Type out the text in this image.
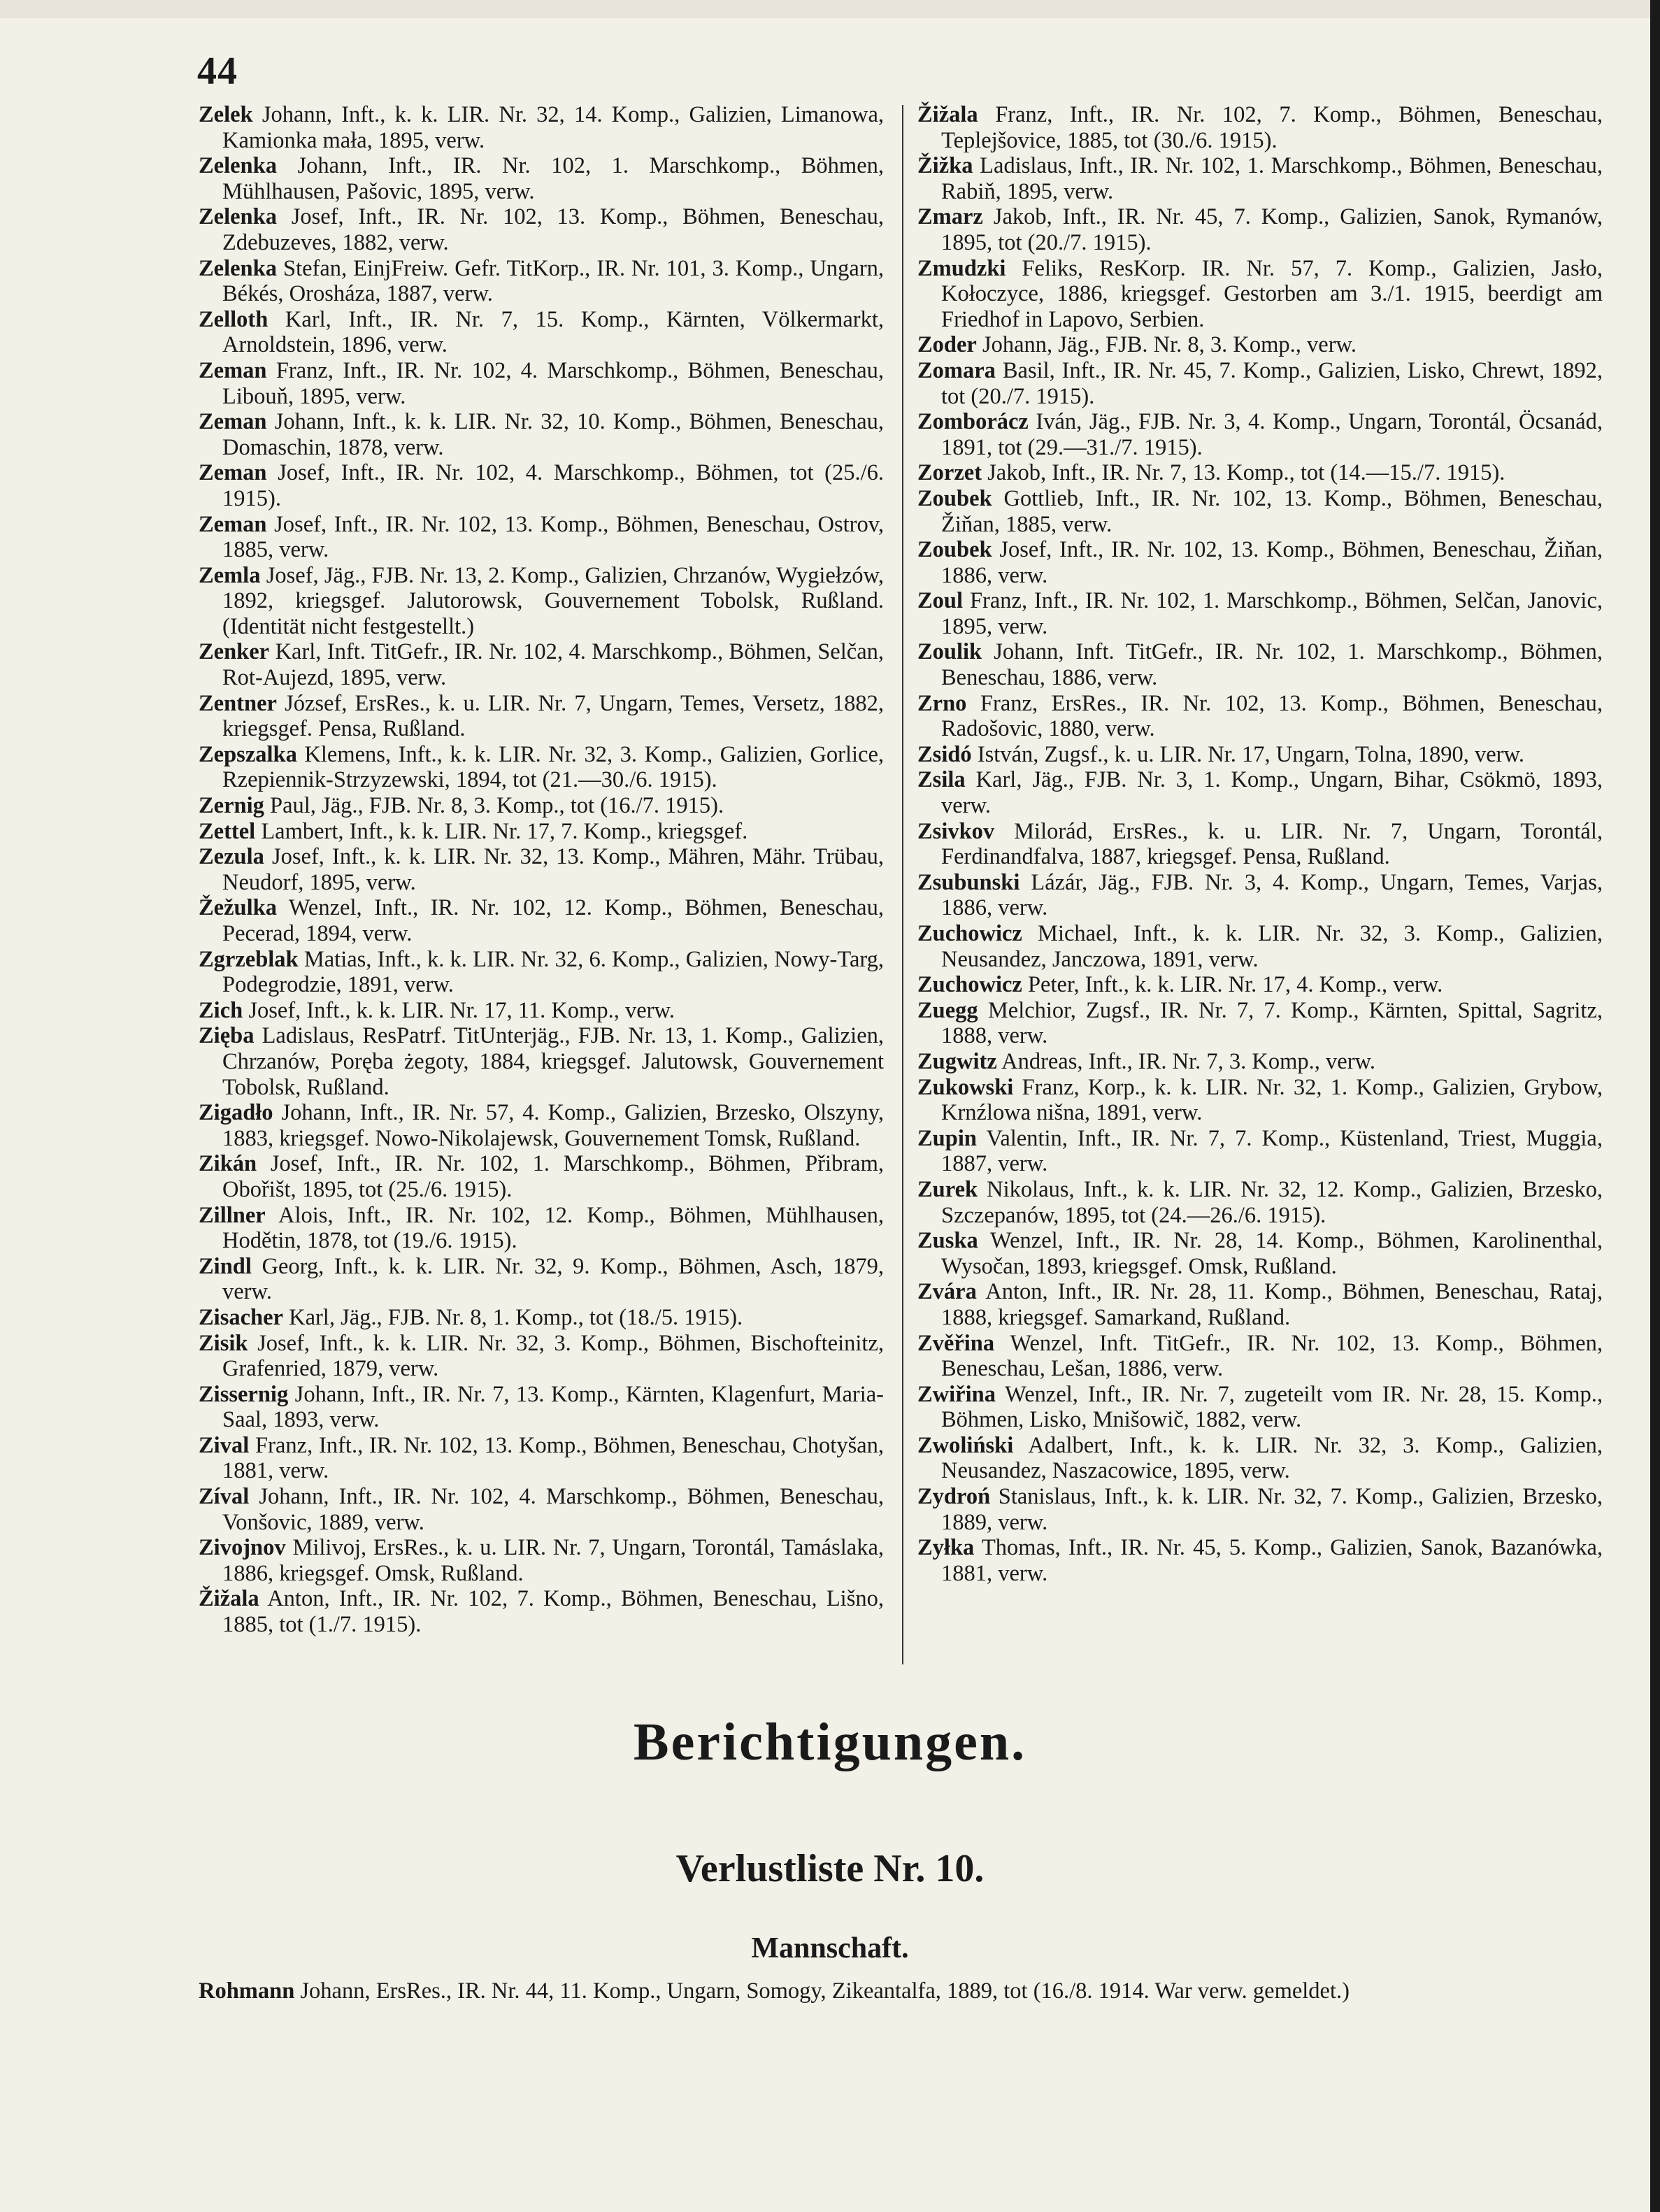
44
Zelek Johann, Inft., k. k. LIR. Nr. 32, 14. Komp., Galizien, Limanowa, Kamionka mała, 1895, verw.
Zelenka Johann, Inft., IR. Nr. 102, 1. Marschkomp., Böhmen, Mühlhausen, Pašovic, 1895, verw.
Zelenka Josef, Inft., IR. Nr. 102, 13. Komp., Böhmen, Beneschau, Zdebuzeves, 1882, verw.
Zelenka Stefan, EinjFreiw. Gefr. TitKorp., IR. Nr. 101, 3. Komp., Ungarn, Békés, Orosháza, 1887, verw.
Zelloth Karl, Inft., IR. Nr. 7, 15. Komp., Kärnten, Völkermarkt, Arnoldstein, 1896, verw.
Zeman Franz, Inft., IR. Nr. 102, 4. Marschkomp., Böhmen, Beneschau, Libouň, 1895, verw.
Zeman Johann, Inft., k. k. LIR. Nr. 32, 10. Komp., Böhmen, Beneschau, Domaschin, 1878, verw.
Zeman Josef, Inft., IR. Nr. 102, 4. Marschkomp., Böhmen, tot (25./6. 1915).
Zeman Josef, Inft., IR. Nr. 102, 13. Komp., Böhmen, Beneschau, Ostrov, 1885, verw.
Zemla Josef, Jäg., FJB. Nr. 13, 2. Komp., Galizien, Chrzanów, Wygiełzów, 1892, kriegsgef. Jalutorowsk, Gouvernement Tobolsk, Rußland. (Identität nicht festgestellt.)
Zenker Karl, Inft. TitGefr., IR. Nr. 102, 4. Marschkomp., Böhmen, Selčan, Rot-Aujezd, 1895, verw.
Zentner József, ErsRes., k. u. LIR. Nr. 7, Ungarn, Temes, Versetz, 1882, kriegsgef. Pensa, Rußland.
Zepszalka Klemens, Inft., k. k. LIR. Nr. 32, 3. Komp., Galizien, Gorlice, Rzepiennik-Strzyzewski, 1894, tot (21.—30./6. 1915).
Zernig Paul, Jäg., FJB. Nr. 8, 3. Komp., tot (16./7. 1915).
Zettel Lambert, Inft., k. k. LIR. Nr. 17, 7. Komp., kriegsgef.
Zezula Josef, Inft., k. k. LIR. Nr. 32, 13. Komp., Mähren, Mähr. Trübau, Neudorf, 1895, verw.
Žežulka Wenzel, Inft., IR. Nr. 102, 12. Komp., Böhmen, Beneschau, Pecerad, 1894, verw.
Zgrzeblak Matias, Inft., k. k. LIR. Nr. 32, 6. Komp., Galizien, Nowy-Targ, Podegrodzie, 1891, verw.
Zich Josef, Inft., k. k. LIR. Nr. 17, 11. Komp., verw.
Zięba Ladislaus, ResPatrf. TitUnterjäg., FJB. Nr. 13, 1. Komp., Galizien, Chrzanów, Poręba żegoty, 1884, kriegsgef. Jalutowsk, Gouvernement Tobolsk, Rußland.
Zigadło Johann, Inft., IR. Nr. 57, 4. Komp., Galizien, Brzesko, Olszyny, 1883, kriegsgef. Nowo-Nikolajewsk, Gouvernement Tomsk, Rußland.
Zikán Josef, Inft., IR. Nr. 102, 1. Marschkomp., Böhmen, Přibram, Obořišt, 1895, tot (25./6. 1915).
Zillner Alois, Inft., IR. Nr. 102, 12. Komp., Böhmen, Mühlhausen, Hodětin, 1878, tot (19./6. 1915).
Zindl Georg, Inft., k. k. LIR. Nr. 32, 9. Komp., Böhmen, Asch, 1879, verw.
Zisacher Karl, Jäg., FJB. Nr. 8, 1. Komp., tot (18./5. 1915).
Zisik Josef, Inft., k. k. LIR. Nr. 32, 3. Komp., Böhmen, Bischofteinitz, Grafenried, 1879, verw.
Zissernig Johann, Inft., IR. Nr. 7, 13. Komp., Kärnten, Klagenfurt, Maria-Saal, 1893, verw.
Zival Franz, Inft., IR. Nr. 102, 13. Komp., Böhmen, Beneschau, Chotyšan, 1881, verw.
Zíval Johann, Inft., IR. Nr. 102, 4. Marschkomp., Böhmen, Beneschau, Vonšovic, 1889, verw.
Zivojnov Milivoj, ErsRes., k. u. LIR. Nr. 7, Ungarn, Torontál, Tamáslaka, 1886, kriegsgef. Omsk, Rußland.
Žižala Anton, Inft., IR. Nr. 102, 7. Komp., Böhmen, Beneschau, Lišno, 1885, tot (1./7. 1915).
Žižala Franz, Inft., IR. Nr. 102, 7. Komp., Böhmen, Beneschau, Teplejšovice, 1885, tot (30./6. 1915).
Žižka Ladislaus, Inft., IR. Nr. 102, 1. Marschkomp., Böhmen, Beneschau, Rabiň, 1895, verw.
Zmarz Jakob, Inft., IR. Nr. 45, 7. Komp., Galizien, Sanok, Rymanów, 1895, tot (20./7. 1915).
Zmudzki Feliks, ResKorp. IR. Nr. 57, 7. Komp., Galizien, Jasło, Kołoczyce, 1886, kriegsgef. Gestorben am 3./1. 1915, beerdigt am Friedhof in Lapovo, Serbien.
Zoder Johann, Jäg., FJB. Nr. 8, 3. Komp., verw.
Zomara Basil, Inft., IR. Nr. 45, 7. Komp., Galizien, Lisko, Chrewt, 1892, tot (20./7. 1915).
Zomborácz Iván, Jäg., FJB. Nr. 3, 4. Komp., Ungarn, Torontál, Öcsanád, 1891, tot (29.—31./7. 1915).
Zorzet Jakob, Inft., IR. Nr. 7, 13. Komp., tot (14.—15./7. 1915).
Zoubek Gottlieb, Inft., IR. Nr. 102, 13. Komp., Böhmen, Beneschau, Žiňan, 1885, verw.
Zoubek Josef, Inft., IR. Nr. 102, 13. Komp., Böhmen, Beneschau, Žiňan, 1886, verw.
Zoul Franz, Inft., IR. Nr. 102, 1. Marschkomp., Böhmen, Selčan, Janovic, 1895, verw.
Zoulik Johann, Inft. TitGefr., IR. Nr. 102, 1. Marschkomp., Böhmen, Beneschau, 1886, verw.
Zrno Franz, ErsRes., IR. Nr. 102, 13. Komp., Böhmen, Beneschau, Radošovic, 1880, verw.
Zsidó István, Zugsf., k. u. LIR. Nr. 17, Ungarn, Tolna, 1890, verw.
Zsila Karl, Jäg., FJB. Nr. 3, 1. Komp., Ungarn, Bihar, Csökmö, 1893, verw.
Zsivkov Milorád, ErsRes., k. u. LIR. Nr. 7, Ungarn, Torontál, Ferdinandfalva, 1887, kriegsgef. Pensa, Rußland.
Zsubunski Lázár, Jäg., FJB. Nr. 3, 4. Komp., Ungarn, Temes, Varjas, 1886, verw.
Zuchowicz Michael, Inft., k. k. LIR. Nr. 32, 3. Komp., Galizien, Neusandez, Janczowa, 1891, verw.
Zuchowicz Peter, Inft., k. k. LIR. Nr. 17, 4. Komp., verw.
Zuegg Melchior, Zugsf., IR. Nr. 7, 7. Komp., Kärnten, Spittal, Sagritz, 1888, verw.
Zugwitz Andreas, Inft., IR. Nr. 7, 3. Komp., verw.
Zukowski Franz, Korp., k. k. LIR. Nr. 32, 1. Komp., Galizien, Grybow, Krnźlowa nišna, 1891, verw.
Zupin Valentin, Inft., IR. Nr. 7, 7. Komp., Küstenland, Triest, Muggia, 1887, verw.
Zurek Nikolaus, Inft., k. k. LIR. Nr. 32, 12. Komp., Galizien, Brzesko, Szczepanów, 1895, tot (24.—26./6. 1915).
Zuska Wenzel, Inft., IR. Nr. 28, 14. Komp., Böhmen, Karolinenthal, Wysočan, 1893, kriegsgef. Omsk, Rußland.
Zvára Anton, Inft., IR. Nr. 28, 11. Komp., Böhmen, Beneschau, Rataj, 1888, kriegsgef. Samarkand, Rußland.
Zvěřina Wenzel, Inft. TitGefr., IR. Nr. 102, 13. Komp., Böhmen, Beneschau, Lešan, 1886, verw.
Zwiřina Wenzel, Inft., IR. Nr. 7, zugeteilt vom IR. Nr. 28, 15. Komp., Böhmen, Lisko, Mnišowič, 1882, verw.
Zwoliński Adalbert, Inft., k. k. LIR. Nr. 32, 3. Komp., Galizien, Neusandez, Naszacowice, 1895, verw.
Zydroń Stanislaus, Inft., k. k. LIR. Nr. 32, 7. Komp., Galizien, Brzesko, 1889, verw.
Zyłka Thomas, Inft., IR. Nr. 45, 5. Komp., Galizien, Sanok, Bazanówka, 1881, verw.
Berichtigungen.
Verlustliste Nr. 10.
Mannschaft.
Rohmann Johann, ErsRes., IR. Nr. 44, 11. Komp., Ungarn, Somogy, Zikeantalfa, 1889, tot (16./8. 1914. War verw. gemeldet.)
